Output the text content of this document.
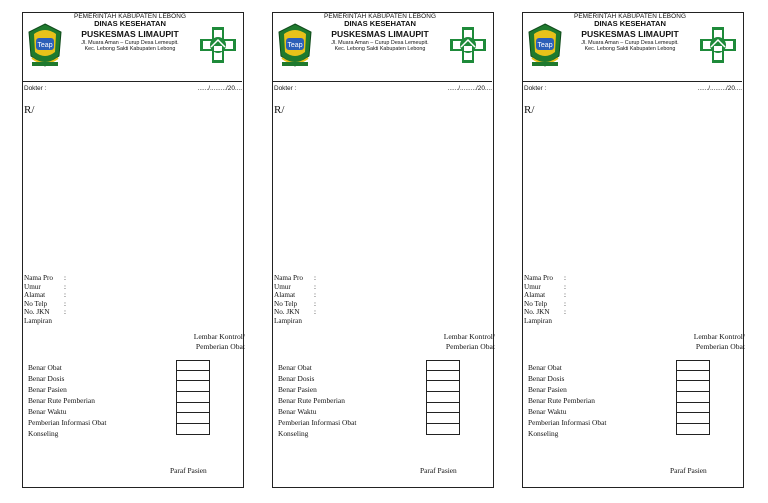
Teap
PEMERINTAH KABUPATEN LEBONG
DINAS KESEHATAN
PUSKESMAS LIMAUPIT
Jl. Muara Aman – Curup Desa Lemeupit.
Kec. Lebong Sakti Kabupaten Lebong
Dokter :	....../........./20....
R/
Nama Pro	:
Umur	:
Alamat	:
No Telp	:
No. JKN	:
Lampiran
Lembar Kontrol/
Pemberian Obat
Benar Obat
Benar Dosis
Benar Pasien
Benar Rute Pemberian
Benar Waktu
Pemberian Informasi Obat
Konseling
Paraf Pasien
Teap
PEMERINTAH KABUPATEN LEBONG
DINAS KESEHATAN
PUSKESMAS LIMAUPIT
Jl. Muara Aman – Curup Desa Lemeupit.
Kec. Lebong Sakti Kabupaten Lebong
Dokter :	....../........./20....
R/
Nama Pro	:
Umur	:
Alamat	:
No Telp	:
No. JKN	:
Lampiran
Lembar Kontrol/
Pemberian Obat
Benar Obat
Benar Dosis
Benar Pasien
Benar Rute Pemberian
Benar Waktu
Pemberian Informasi Obat
Konseling
Paraf Pasien
Teap
PEMERINTAH KABUPATEN LEBONG
DINAS KESEHATAN
PUSKESMAS LIMAUPIT
Jl. Muara Aman – Curup Desa Lemeupit.
Kec. Lebong Sakti Kabupaten Lebong
Dokter :	....../........./20....
R/
Nama Pro	:
Umur	:
Alamat	:
No Telp	:
No. JKN	:
Lampiran
Lembar Kontrol/
Pemberian Obat
Benar Obat
Benar Dosis
Benar Pasien
Benar Rute Pemberian
Benar Waktu
Pemberian Informasi Obat
Konseling
Paraf Pasien
